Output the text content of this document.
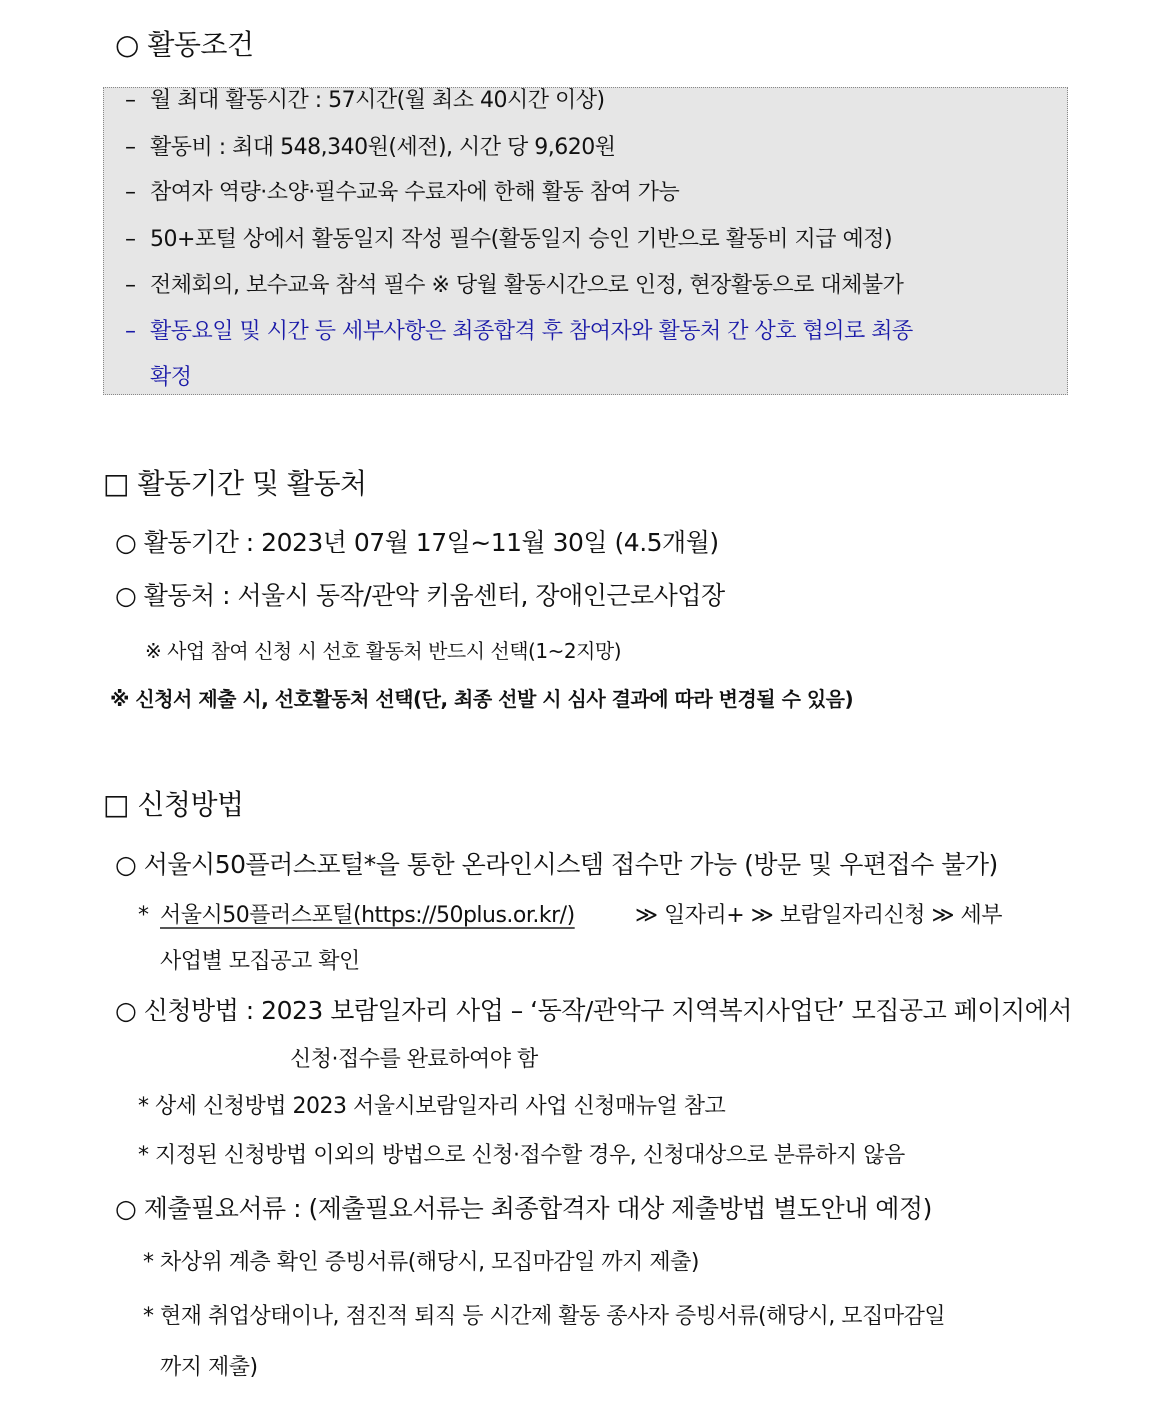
○ 활동조건
– 월 최대 활동시간 : 57시간(월 최소 40시간 이상)
– 활동비 : 최대 548,340원(세전), 시간 당 9,620원
– 참여자 역량·소양·필수교육 수료자에 한해 활동 참여 가능
– 50+포털 상에서 활동일지 작성 필수(활동일지 승인 기반으로 활동비 지급 예정)
– 전체회의, 보수교육 참석 필수 ※ 당월 활동시간으로 인정, 현장활동으로 대체불가
– 활동요일 및 시간 등 세부사항은 최종합격 후 참여자와 활동처 간 상호 협의로 최종
확정
□ 활동기간 및 활동처
○ 활동기간 : 2023년 07월 17일~11월 30일 (4.5개월)
○ 활동처 : 서울시 동작/관악 키움센터, 장애인근로사업장
※ 사업 참여 신청 시 선호 활동처 반드시 선택(1~2지망)
※ 신청서 제출 시, 선호활동처 선택(단, 최종 선발 시 심사 결과에 따라 변경될 수 있음)
□ 신청방법
○ 서울시50플러스포털*을 통한 온라인시스템 접수만 가능 (방문 및 우편접수 불가)
* 서울시50플러스포털(https://50plus.or.kr/)	≫ 일자리+ ≫ 보람일자리신청 ≫ 세부
사업별 모집공고 확인
○ 신청방법 : 2023 보람일자리 사업 – ‘동작/관악구 지역복지사업단’ 모집공고 페이지에서
신청·접수를 완료하여야 함
* 상세 신청방법 2023 서울시보람일자리 사업 신청매뉴얼 참고
* 지정된 신청방법 이외의 방법으로 신청·접수할 경우, 신청대상으로 분류하지 않음
○ 제출필요서류 : (제출필요서류는 최종합격자 대상 제출방법 별도안내 예정)
* 차상위 계층 확인 증빙서류(해당시, 모집마감일 까지 제출)
* 현재 취업상태이나, 점진적 퇴직 등 시간제 활동 종사자 증빙서류(해당시, 모집마감일
까지 제출)
